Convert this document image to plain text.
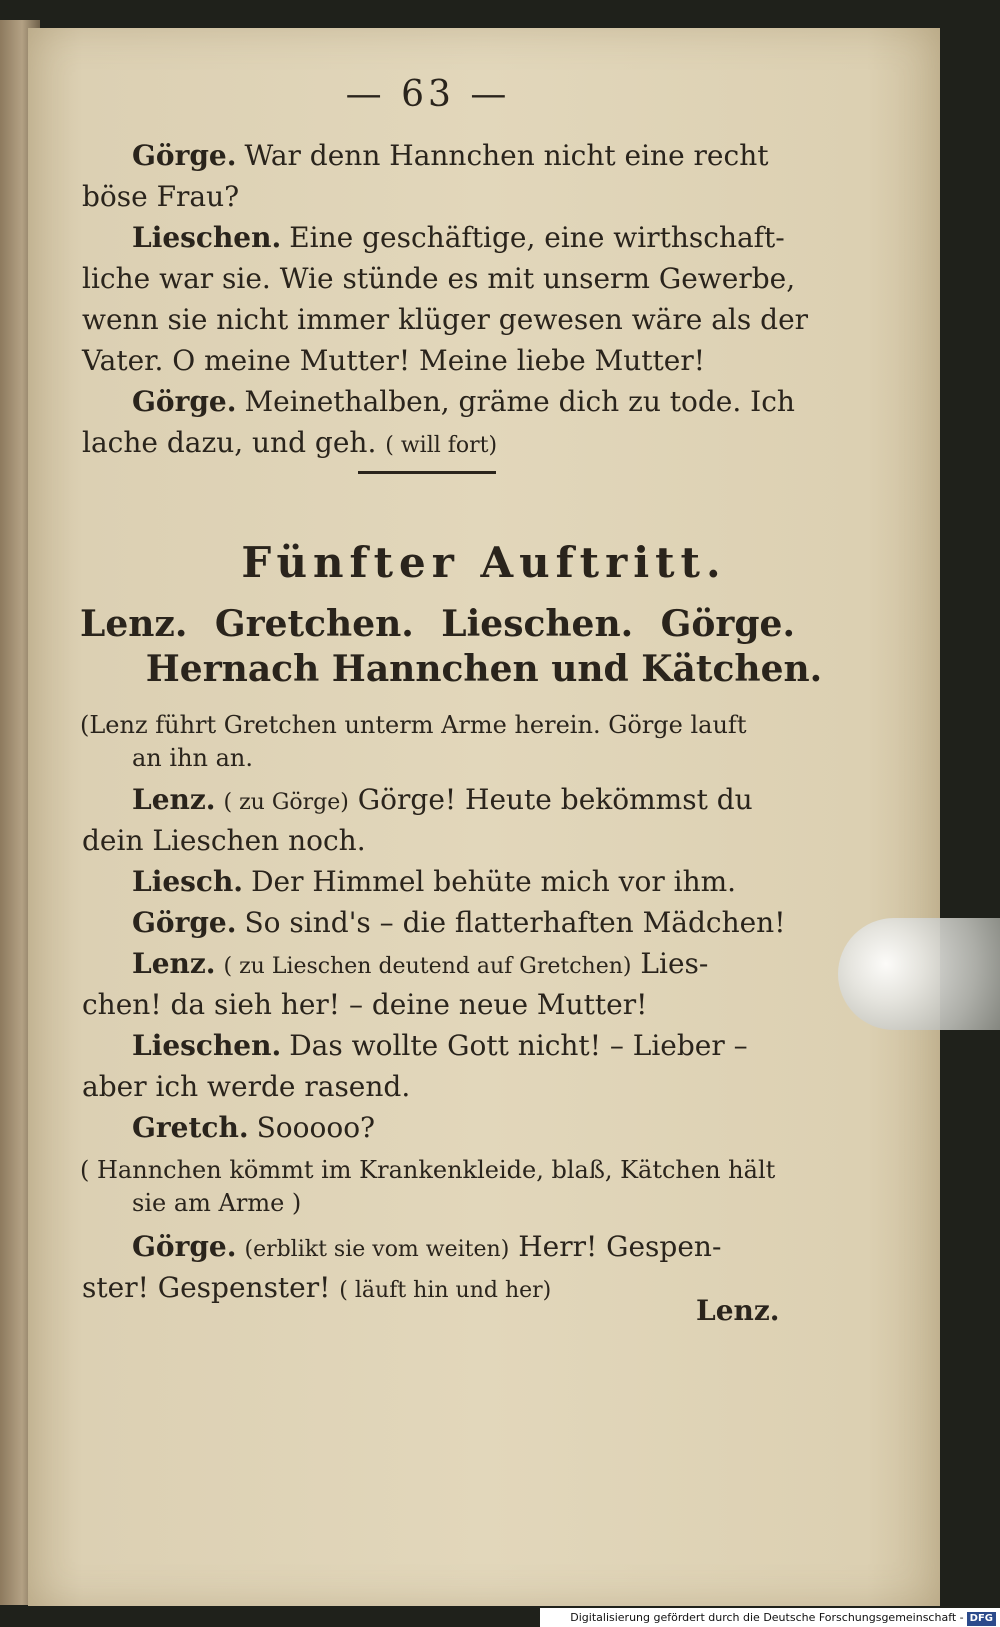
— 63 —
Görge. War denn Hannchen nicht eine recht
böse Frau?
Lieschen. Eine geschäftige, eine wirthschaft-
liche war sie. Wie stünde es mit unserm Gewerbe,
wenn sie nicht immer klüger gewesen wäre als der
Vater. O meine Mutter! Meine liebe Mutter!
Görge. Meinethalben, gräme dich zu tode. Ich
lache dazu, und geh. ( will fort)
Fünfter Auftritt.
Lenz. Gretchen. Lieschen. Görge.
Hernach Hannchen und Kätchen.
(Lenz führt Gretchen unterm Arme herein. Görge lauft
an ihn an.
Lenz. ( zu Görge) Görge! Heute bekömmst du
dein Lieschen noch.
Liesch. Der Himmel behüte mich vor ihm.
Görge. So sind's – die flatterhaften Mädchen!
Lenz. ( zu Lieschen deutend auf Gretchen) Lies-
chen! da sieh her! – deine neue Mutter!
Lieschen. Das wollte Gott nicht! – Lieber –
aber ich werde rasend.
Gretch. Sooooo?
( Hannchen kömmt im Krankenkleide, blaß, Kätchen hält
sie am Arme )
Görge. (erblikt sie vom weiten) Herr! Gespen-
ster! Gespenster! ( läuft hin und her)
Lenz.
Digitalisierung gefördert durch die Deutsche Forschungsgemeinschaft - DFG
